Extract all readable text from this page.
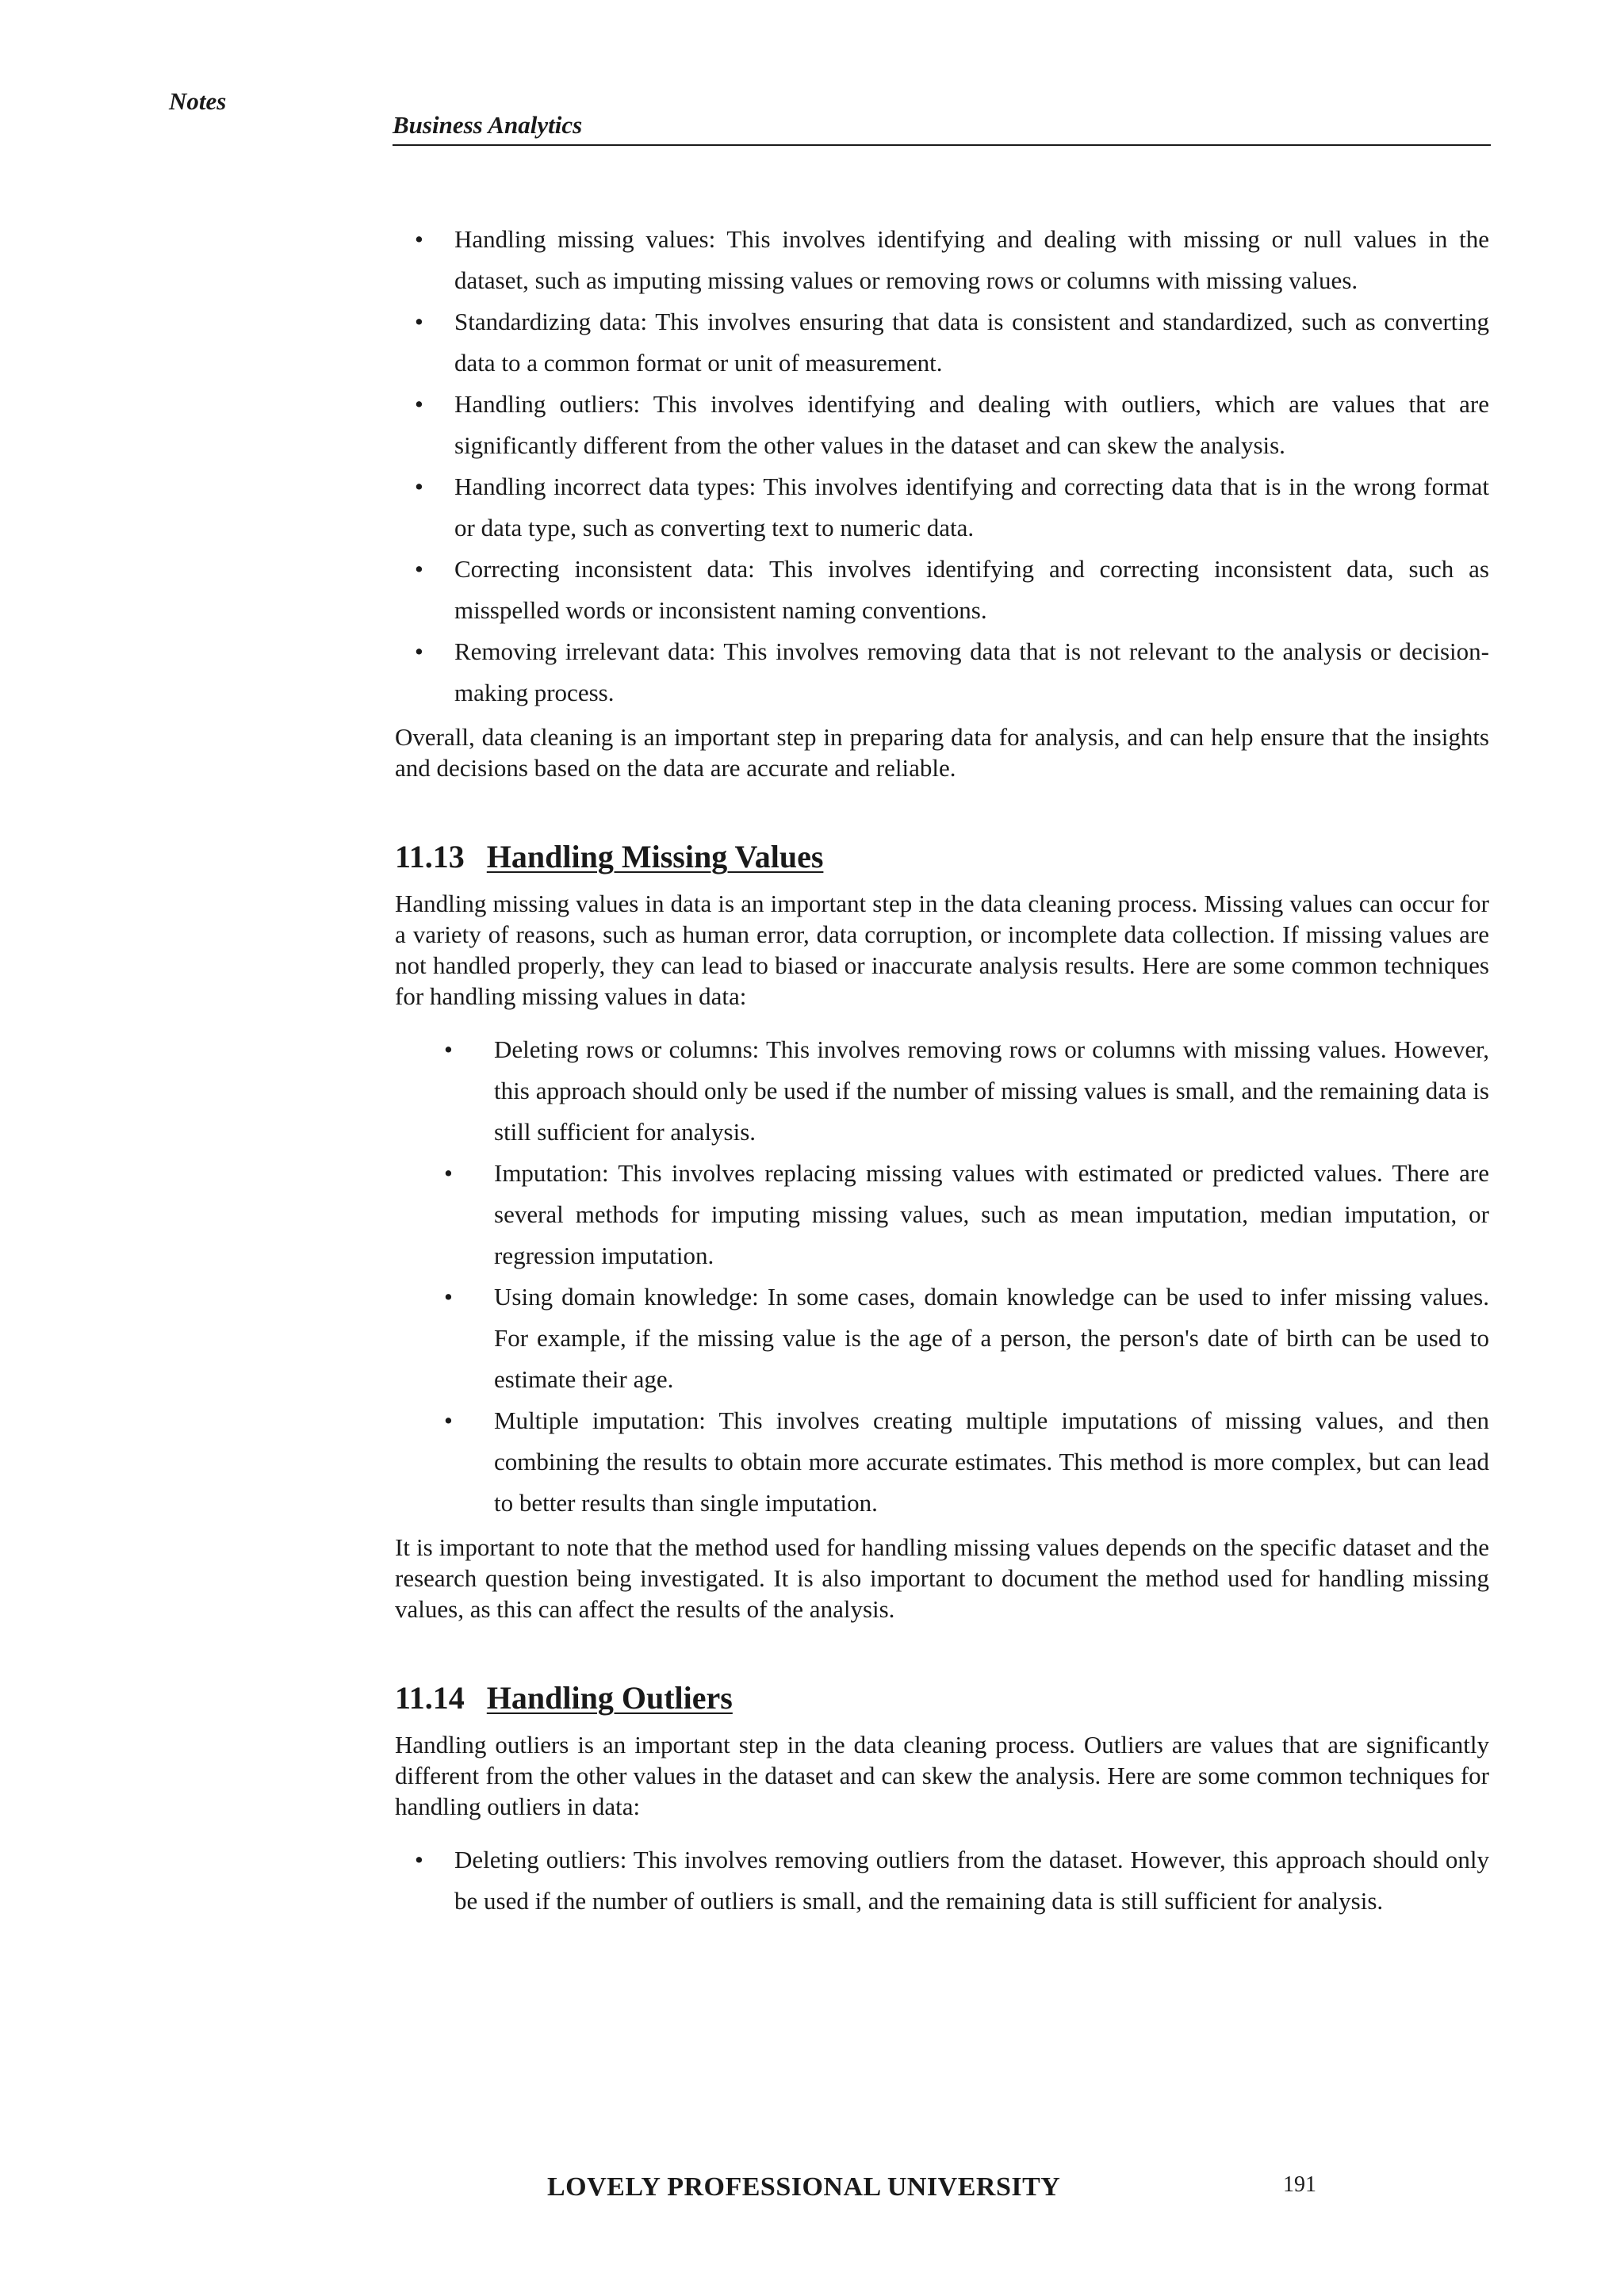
Notes
Business Analytics
• Handling missing values: This involves identifying and dealing with missing or null values in the dataset, such as imputing missing values or removing rows or columns with missing values.
• Standardizing data: This involves ensuring that data is consistent and standardized, such as converting data to a common format or unit of measurement.
• Handling outliers: This involves identifying and dealing with outliers, which are values that are significantly different from the other values in the dataset and can skew the analysis.
• Handling incorrect data types: This involves identifying and correcting data that is in the wrong format or data type, such as converting text to numeric data.
• Correcting inconsistent data: This involves identifying and correcting inconsistent data, such as misspelled words or inconsistent naming conventions.
• Removing irrelevant data: This involves removing data that is not relevant to the analysis or decision-making process.

Overall, data cleaning is an important step in preparing data for analysis, and can help ensure that the insights and decisions based on the data are accurate and reliable.

11.13 Handling Missing Values

Handling missing values in data is an important step in the data cleaning process. Missing values can occur for a variety of reasons, such as human error, data corruption, or incomplete data collection. If missing values are not handled properly, they can lead to biased or inaccurate analysis results. Here are some common techniques for handling missing values in data:

• Deleting rows or columns: This involves removing rows or columns with missing values. However, this approach should only be used if the number of missing values is small, and the remaining data is still sufficient for analysis.
• Imputation: This involves replacing missing values with estimated or predicted values. There are several methods for imputing missing values, such as mean imputation, median imputation, or regression imputation.
• Using domain knowledge: In some cases, domain knowledge can be used to infer missing values. For example, if the missing value is the age of a person, the person's date of birth can be used to estimate their age.
• Multiple imputation: This involves creating multiple imputations of missing values, and then combining the results to obtain more accurate estimates. This method is more complex, but can lead to better results than single imputation.

It is important to note that the method used for handling missing values depends on the specific dataset and the research question being investigated. It is also important to document the method used for handling missing values, as this can affect the results of the analysis.

11.14 Handling Outliers

Handling outliers is an important step in the data cleaning process. Outliers are values that are significantly different from the other values in the dataset and can skew the analysis. Here are some common techniques for handling outliers in data:

• Deleting outliers: This involves removing outliers from the dataset. However, this approach should only be used if the number of outliers is small, and the remaining data is still sufficient for analysis.
LOVELY PROFESSIONAL UNIVERSITY	191
